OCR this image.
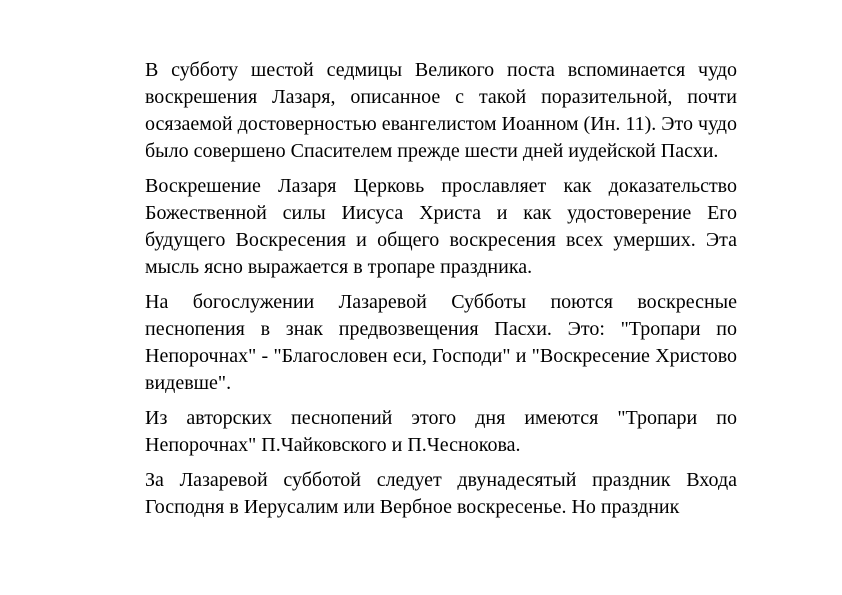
В субботу шестой седмицы Великого поста вспоминается чудо воскрешения Лазаря, описанное с такой поразительной, почти осязаемой достоверностью евангелистом Иоанном (Ин. 11). Это чудо было совершено Спасителем прежде шести дней иудейской Пасхи.

Воскрешение Лазаря Церковь прославляет как доказательство Божественной силы Иисуса Христа и как удостоверение Его будущего Воскресения и общего воскресения всех умерших. Эта мысль ясно выражается в тропаре праздника.

На богослужении Лазаревой Субботы поются воскресные песнопения в знак предвозвещения Пасхи. Это: "Тропари по Непорочнах" - "Благословен еси, Господи" и "Воскресение Христово видевше".

Из авторских песнопений этого дня имеются "Тропари по Непорочнах" П.Чайковского и П.Чеснокова.

За Лазаревой субботой следует двунадесятый праздник Входа Господня в Иерусалим или Вербное воскресенье. Но праздник
